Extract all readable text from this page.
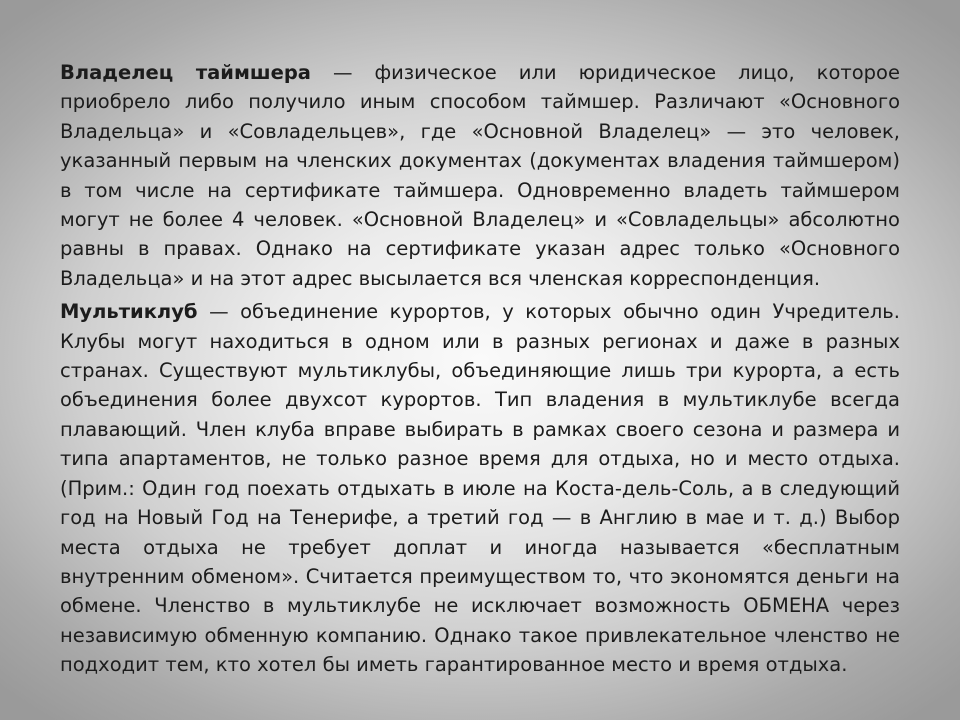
Владелец таймшера — физическое или юридическое лицо, которое приобрело либо получило иным способом таймшер. Различают «Основного Владельца» и «Совладельцев», где «Основной Владелец» — это человек, указанный первым на членских документах (документах владения таймшером) в том числе на сертификате таймшера. Одновременно владеть таймшером могут не более 4 человек. «Основной Владелец» и «Совладельцы» абсолютно равны в правах. Однако на сертификате указан адрес только «Основного Владельца» и на этот адрес высылается вся членская корреспонденция.

Мультиклуб — объединение курортов, у которых обычно один Учредитель. Клубы могут находиться в одном или в разных регионах и даже в разных странах. Существуют мультиклубы, объединяющие лишь три курорта, а есть объединения более двухсот курортов. Тип владения в мультиклубе всегда плавающий. Член клуба вправе выбирать в рамках своего сезона и размера и типа апартаментов, не только разное время для отдыха, но и место отдыха. (Прим.: Один год поехать отдыхать в июле на Коста-дель-Соль, а в следующий год на Новый Год на Тенерифе, а третий год — в Англию в мае и т. д.) Выбор места отдыха не требует доплат и иногда называется «бесплатным внутренним обменом». Считается преимуществом то, что экономятся деньги на обмене. Членство в мультиклубе не исключает возможность ОБМЕНА через независимую обменную компанию. Однако такое привлекательное членство не подходит тем, кто хотел бы иметь гарантированное место и время отдыха.
